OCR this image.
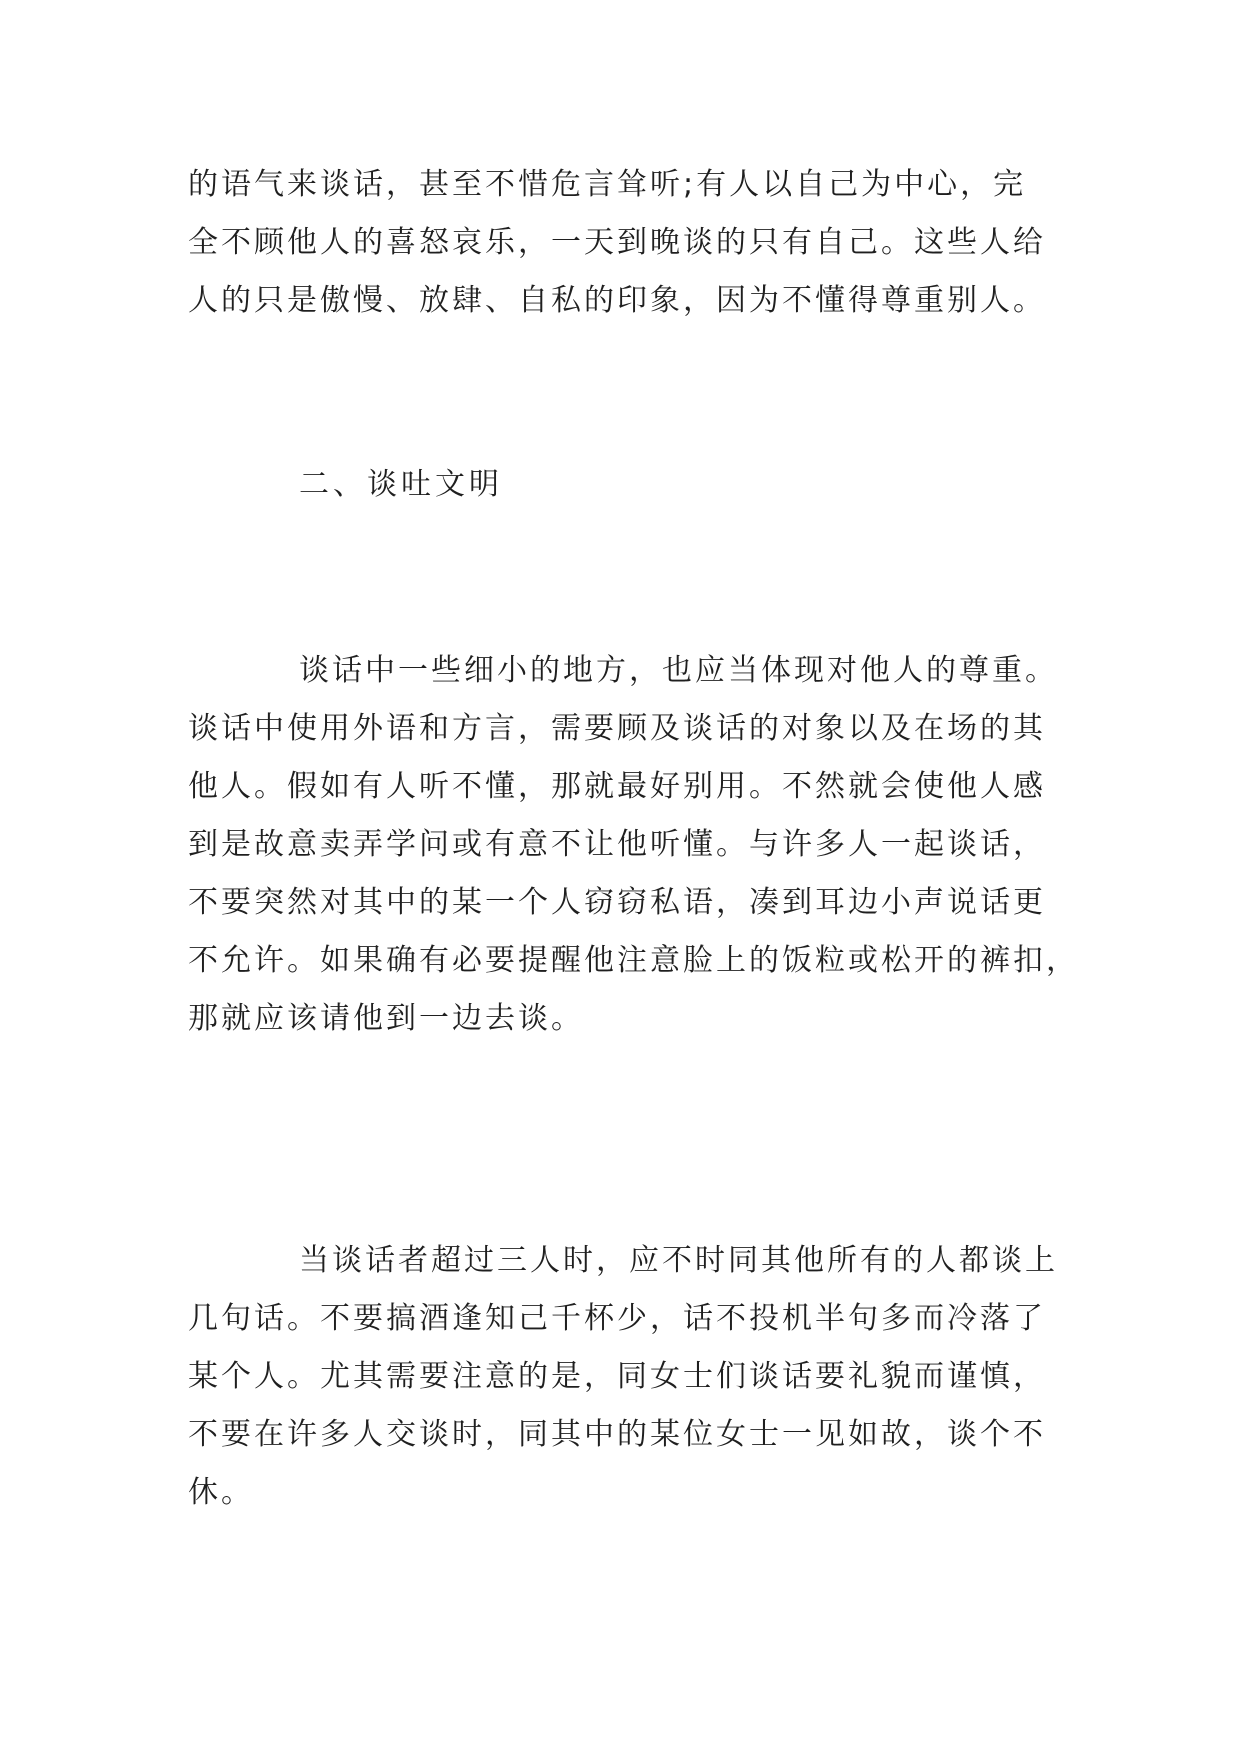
的语气来谈话，甚至不惜危言耸听;有人以自己为中心，完
全不顾他人的喜怒哀乐，一天到晚谈的只有自己。这些人给
人的只是傲慢、放肆、自私的印象，因为不懂得尊重别人。
二、谈吐文明
谈话中一些细小的地方，也应当体现对他人的尊重。
谈话中使用外语和方言，需要顾及谈话的对象以及在场的其
他人。假如有人听不懂，那就最好别用。不然就会使他人感
到是故意卖弄学问或有意不让他听懂。与许多人一起谈话，
不要突然对其中的某一个人窃窃私语，凑到耳边小声说话更
不允许。如果确有必要提醒他注意脸上的饭粒或松开的裤扣，
那就应该请他到一边去谈。
当谈话者超过三人时，应不时同其他所有的人都谈上
几句话。不要搞酒逢知己千杯少，话不投机半句多而冷落了
某个人。尤其需要注意的是，同女士们谈话要礼貌而谨慎，
不要在许多人交谈时，同其中的某位女士一见如故，谈个不
休。
